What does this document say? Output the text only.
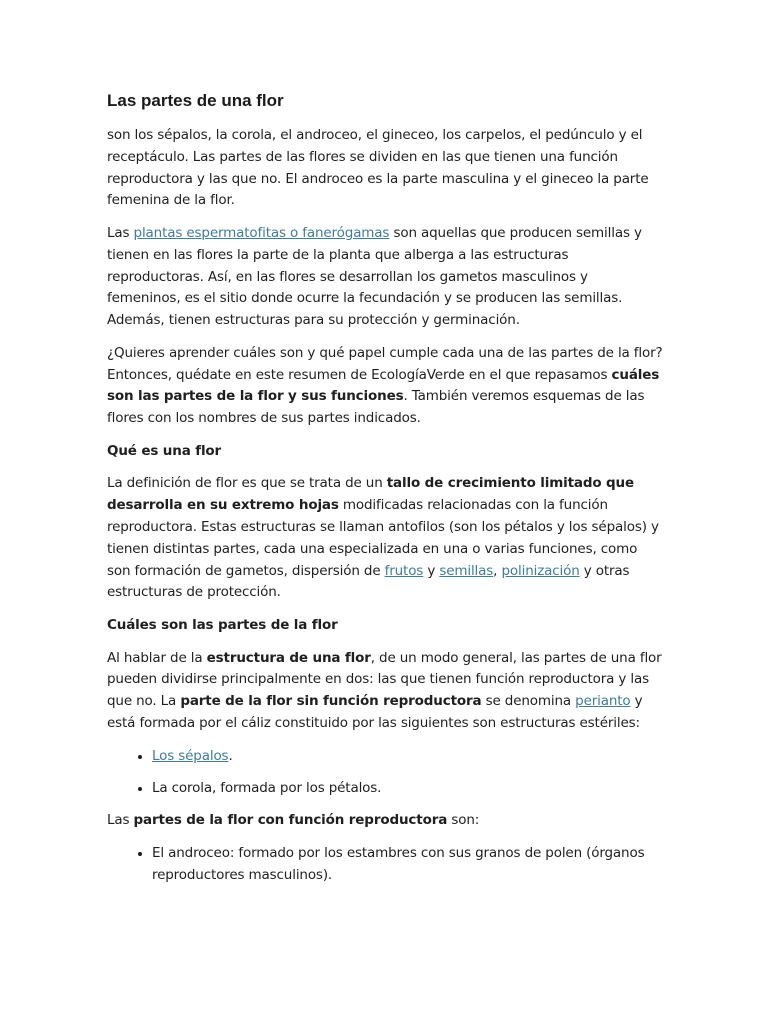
Las partes de una flor

son los sépalos, la corola, el androceo, el gineceo, los carpelos, el pedúnculo y el receptáculo. Las partes de las flores se dividen en las que tienen una función reproductora y las que no. El androceo es la parte masculina y el gineceo la parte femenina de la flor.

Las plantas espermatofitas o fanerógamas son aquellas que producen semillas y tienen en las flores la parte de la planta que alberga a las estructuras reproductoras. Así, en las flores se desarrollan los gametos masculinos y femeninos, es el sitio donde ocurre la fecundación y se producen las semillas. Además, tienen estructuras para su protección y germinación.

¿Quieres aprender cuáles son y qué papel cumple cada una de las partes de la flor? Entonces, quédate en este resumen de EcologíaVerde en el que repasamos cuáles son las partes de la flor y sus funciones. También veremos esquemas de las flores con los nombres de sus partes indicados.

Qué es una flor

La definición de flor es que se trata de un tallo de crecimiento limitado que desarrolla en su extremo hojas modificadas relacionadas con la función reproductora. Estas estructuras se llaman antofilos (son los pétalos y los sépalos) y tienen distintas partes, cada una especializada en una o varias funciones, como son formación de gametos, dispersión de frutos y semillas, polinización y otras estructuras de protección.

Cuáles son las partes de la flor

Al hablar de la estructura de una flor, de un modo general, las partes de una flor pueden dividirse principalmente en dos: las que tienen función reproductora y las que no. La parte de la flor sin función reproductora se denomina perianto y está formada por el cáliz constituido por las siguientes son estructuras estériles:

• Los sépalos.
• La corola, formada por los pétalos.

Las partes de la flor con función reproductora son:

• El androceo: formado por los estambres con sus granos de polen (órganos reproductores masculinos).
